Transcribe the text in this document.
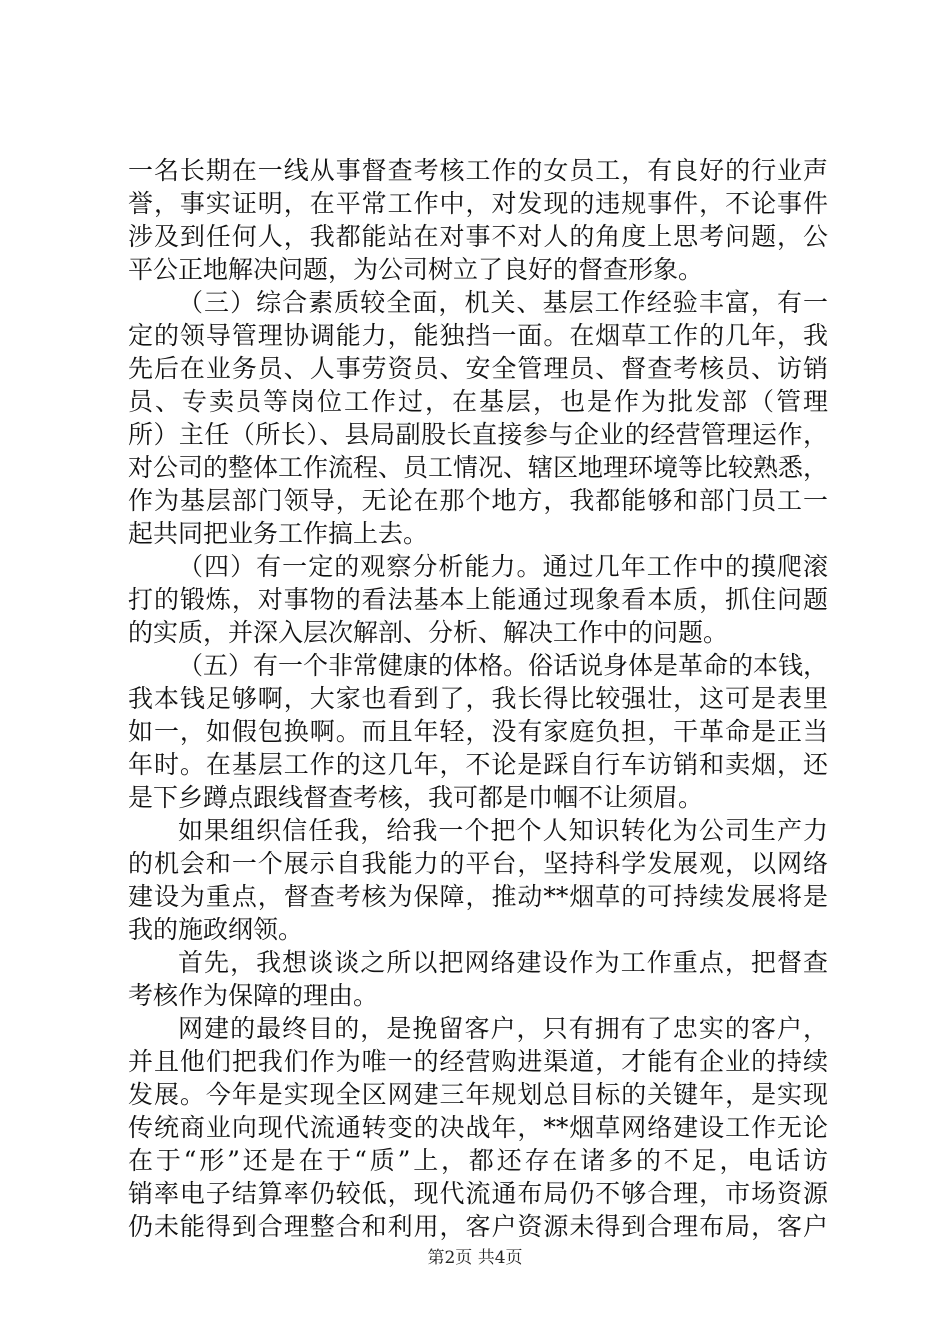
一名长期在一线从事督查考核工作的女员工，有良好的行业声
誉，事实证明，在平常工作中，对发现的违规事件，不论事件
涉及到任何人，我都能站在对事不对人的角度上思考问题，公
平公正地解决问题，为公司树立了良好的督查形象。
（三）综合素质较全面，机关、基层工作经验丰富，有一
定的领导管理协调能力，能独挡一面。在烟草工作的几年，我
先后在业务员、人事劳资员、安全管理员、督查考核员、访销
员、专卖员等岗位工作过，在基层，也是作为批发部（管理
所）主任（所长）、县局副股长直接参与企业的经营管理运作，
对公司的整体工作流程、员工情况、辖区地理环境等比较熟悉，
作为基层部门领导，无论在那个地方，我都能够和部门员工一
起共同把业务工作搞上去。
（四）有一定的观察分析能力。通过几年工作中的摸爬滚
打的锻炼，对事物的看法基本上能通过现象看本质，抓住问题
的实质，并深入层次解剖、分析、解决工作中的问题。
（五）有一个非常健康的体格。俗话说身体是革命的本钱，
我本钱足够啊，大家也看到了，我长得比较强壮，这可是表里
如一，如假包换啊。而且年轻，没有家庭负担，干革命是正当
年时。在基层工作的这几年，不论是踩自行车访销和卖烟，还
是下乡蹲点跟线督查考核，我可都是巾帼不让须眉。
如果组织信任我，给我一个把个人知识转化为公司生产力
的机会和一个展示自我能力的平台，坚持科学发展观，以网络
建设为重点，督查考核为保障，推动**烟草的可持续发展将是
我的施政纲领。
首先，我想谈谈之所以把网络建设作为工作重点，把督查
考核作为保障的理由。
网建的最终目的，是挽留客户，只有拥有了忠实的客户，
并且他们把我们作为唯一的经营购进渠道，才能有企业的持续
发展。今年是实现全区网建三年规划总目标的关键年，是实现
传统商业向现代流通转变的决战年，**烟草网络建设工作无论
在于“形”还是在于“质”上，都还存在诸多的不足，电话访
销率电子结算率仍较低，现代流通布局仍不够合理，市场资源
仍未能得到合理整合和利用，客户资源未得到合理布局，客户
第2页 共4页
